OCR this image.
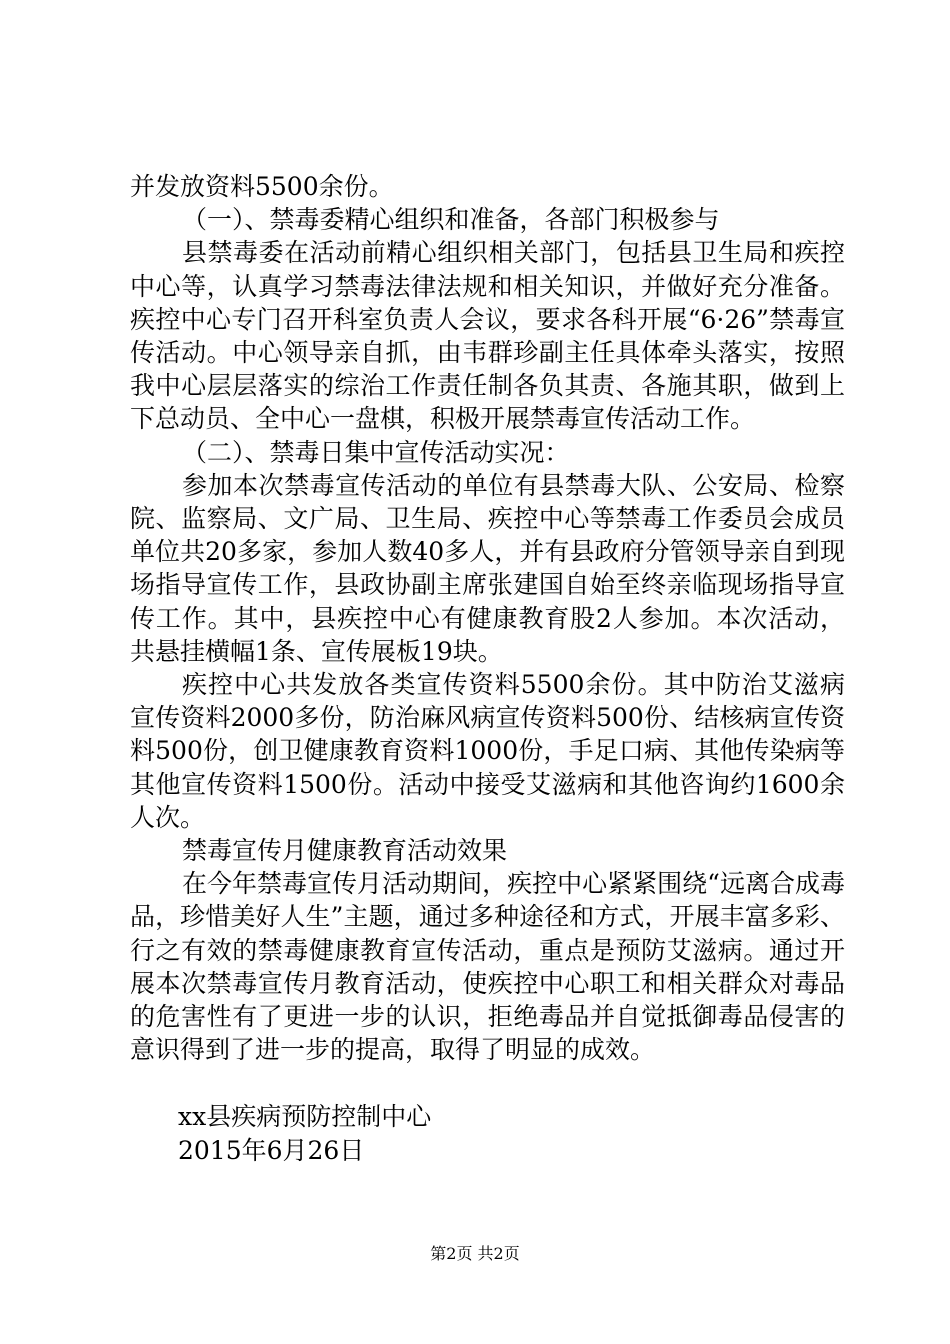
并发放资料5500余份。

（一）、禁毒委精心组织和准备，各部门积极参与

县禁毒委在活动前精心组织相关部门，包括县卫生局和疾控中心等，认真学习禁毒法律法规和相关知识，并做好充分准备。疾控中心专门召开科室负责人会议，要求各科开展“6·26”禁毒宣传活动。中心领导亲自抓，由韦群珍副主任具体牵头落实，按照我中心层层落实的综治工作责任制各负其责、各施其职，做到上下总动员、全中心一盘棋，积极开展禁毒宣传活动工作。

（二）、禁毒日集中宣传活动实况：

参加本次禁毒宣传活动的单位有县禁毒大队、公安局、检察院、监察局、文广局、卫生局、疾控中心等禁毒工作委员会成员单位共20多家，参加人数40多人，并有县政府分管领导亲自到现场指导宣传工作，县政协副主席张建国自始至终亲临现场指导宣传工作。其中，县疾控中心有健康教育股2人参加。本次活动，共悬挂横幅1条、宣传展板19块。

疾控中心共发放各类宣传资料5500余份。其中防治艾滋病宣传资料2000多份，防治麻风病宣传资料500份、结核病宣传资料500份，创卫健康教育资料1000份，手足口病、其他传染病等其他宣传资料1500份。活动中接受艾滋病和其他咨询约1600余人次。

禁毒宣传月健康教育活动效果

在今年禁毒宣传月活动期间，疾控中心紧紧围绕“远离合成毒品，珍惜美好人生”主题，通过多种途径和方式，开展丰富多彩、行之有效的禁毒健康教育宣传活动，重点是预防艾滋病。通过开展本次禁毒宣传月教育活动，使疾控中心职工和相关群众对毒品的危害性有了更进一步的认识，拒绝毒品并自觉抵御毒品侵害的意识得到了进一步的提高，取得了明显的成效。

xx县疾病预防控制中心

2015年6月26日

第2页 共2页
